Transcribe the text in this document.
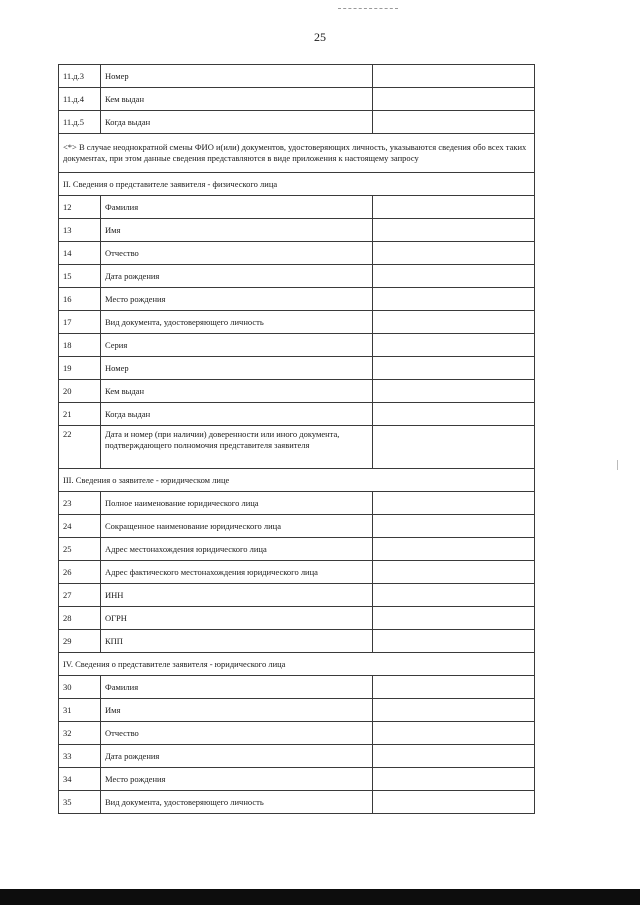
25
11.д.3	Номер	
11.д.4	Кем выдан	
11.д.5	Когда выдан	
<*> В случае неоднократной смены ФИО и(или) документов, удостоверяющих личность, указываются сведения обо всех таких документах, при этом данные сведения представляются в виде приложения к настоящему запросу		
II. Сведения о представителе заявителя - физического лица		
12	Фамилия	
13	Имя	
14	Отчество	
15	Дата рождения	
16	Место рождения	
17	Вид документа, удостоверяющего личность	
18	Серия	
19	Номер	
20	Кем выдан	
21	Когда выдан	
22	Дата и номер (при наличии) доверенности или иного документа, подтверждающего полномочия представителя заявителя	
III. Сведения о заявителе - юридическом лице		
23	Полное наименование юридического лица	
24	Сокращенное наименование юридического лица	
25	Адрес местонахождения юридического лица	
26	Адрес фактического местонахождения юридического лица	
27	ИНН	
28	ОГРН	
29	КПП	
IV. Сведения о представителе заявителя - юридического лица		
30	Фамилия	
31	Имя	
32	Отчество	
33	Дата рождения	
34	Место рождения	
35	Вид документа, удостоверяющего личность	
